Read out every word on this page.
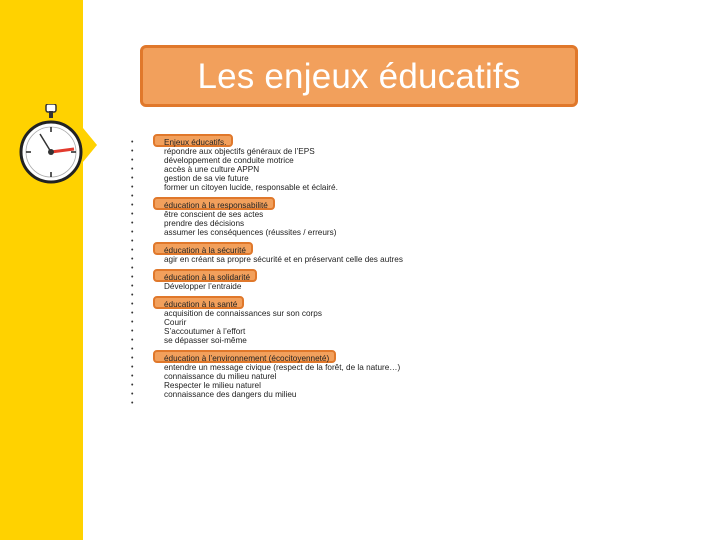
Les enjeux éducatifs
•	Enjeux éducatifs.
•	répondre aux objectifs généraux de l’EPS
•	développement de conduite motrice
•	accès à une culture APPN
•	gestion de sa vie future
•	former un citoyen lucide, responsable et éclairé.
•
•	éducation à la responsabilité
•	être conscient de ses actes
•	prendre des décisions
•	assumer les conséquences (réussites / erreurs)
•
•	éducation à la sécurité
•	agir en créant sa propre sécurité et en préservant celle des autres
•
•	éducation à la solidarité
•	Développer l’entraide
•
•	éducation à la santé
•	acquisition de connaissances sur son corps
•	Courir
•	S’accoutumer à l’effort
•	se dépasser soi-même
•
•	éducation à l’environnement (écocitoyenneté)
•	entendre un message civique (respect de la forêt, de la nature…)
•	connaissance du milieu naturel
•	Respecter le milieu naturel
•	connaissance des dangers du milieu
•
